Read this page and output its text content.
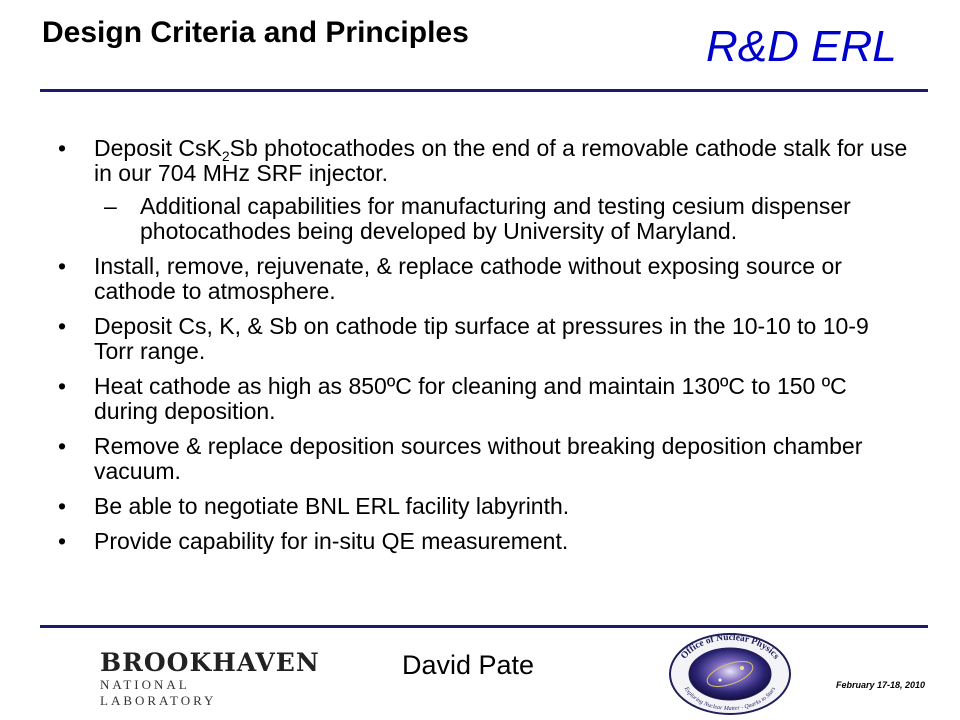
Design Criteria and Principles	R&D ERL
•	Deposit CsK$_2$Sb photocathodes on the end of a removable cathode stalk for use in our 704 MHz SRF injector.
–	Additional capabilities for manufacturing and testing cesium dispenser photocathodes being developed by University of Maryland.
•	Install, remove, rejuvenate, & replace cathode without exposing source or cathode to atmosphere.
•	Deposit Cs, K, & Sb on cathode tip surface at pressures in the 10-10 to 10-9 Torr range.
•	Heat cathode as high as 850ºC for cleaning and maintain 130ºC to 150 ºC during deposition.
•	Remove & replace deposition sources without breaking deposition chamber vacuum.
•	Be able to negotiate BNL ERL facility labyrinth.
•	Provide capability for in-situ QE measurement.
BROOKHAVEN
NATIONAL LABORATORY
David Pate	Office of Nuclear Physics
Exploring Nuclear Matter - Quarks to Stars	February 17-18, 2010
